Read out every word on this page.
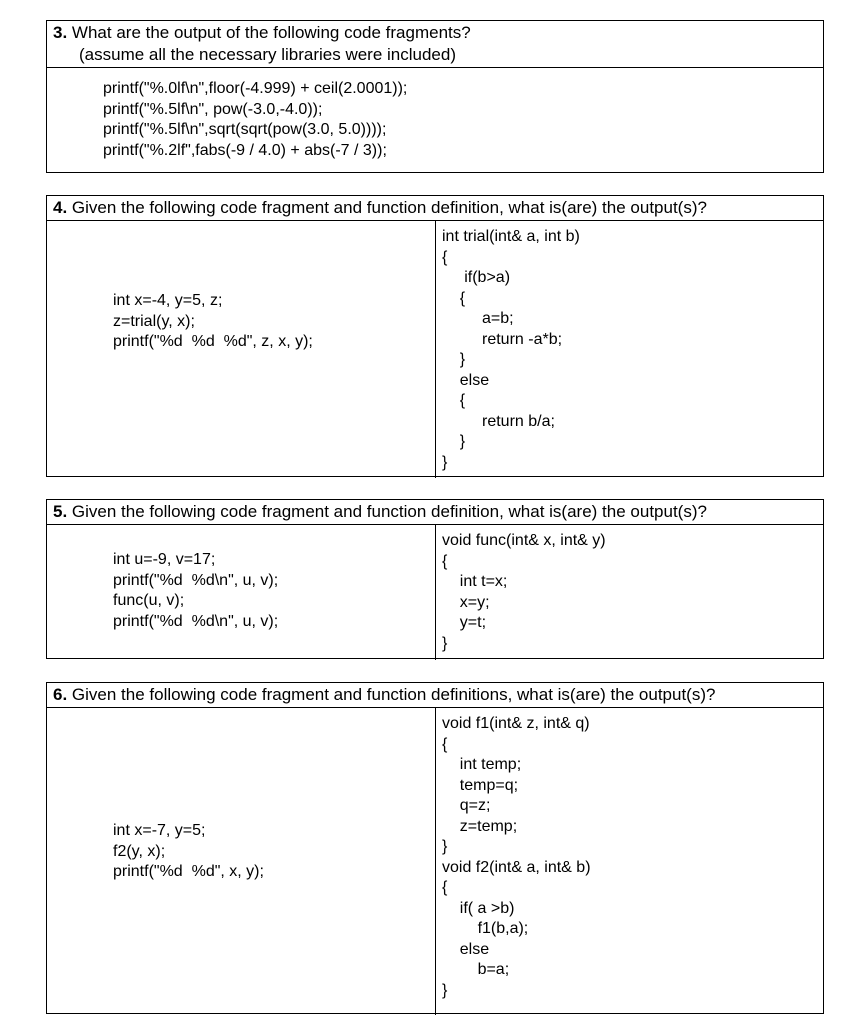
3. What are the output of the following code fragments?
(assume all the necessary libraries were included)
printf("%.0lf\n",floor(-4.999) + ceil(2.0001));
printf("%.5lf\n", pow(-3.0,-4.0));
printf("%.5lf\n",sqrt(sqrt(pow(3.0, 5.0))));
printf("%.2lf",fabs(-9 / 4.0) + abs(-7 / 3));
4. Given the following code fragment and function definition, what is(are) the output(s)?
int x=-4, y=5, z;
z=trial(y, x);
printf("%d  %d  %d", z, x, y);
int trial(int& a, int b)
{
if(b>a)
{
a=b;
return -a*b;
}
else
{
return b/a;
}
}
5. Given the following code fragment and function definition, what is(are) the output(s)?
int u=-9, v=17;
printf("%d  %d\n", u, v);
func(u, v);
printf("%d  %d\n", u, v);
void func(int& x, int& y)
{
int t=x;
x=y;
y=t;
}
6. Given the following code fragment and function definitions, what is(are) the output(s)?
int x=-7, y=5;
f2(y, x);
printf("%d  %d", x, y);
void f1(int& z, int& q)
{
int temp;
temp=q;
q=z;
z=temp;
}
void f2(int& a, int& b)
{
if( a >b)
f1(b,a);
else
b=a;
}
